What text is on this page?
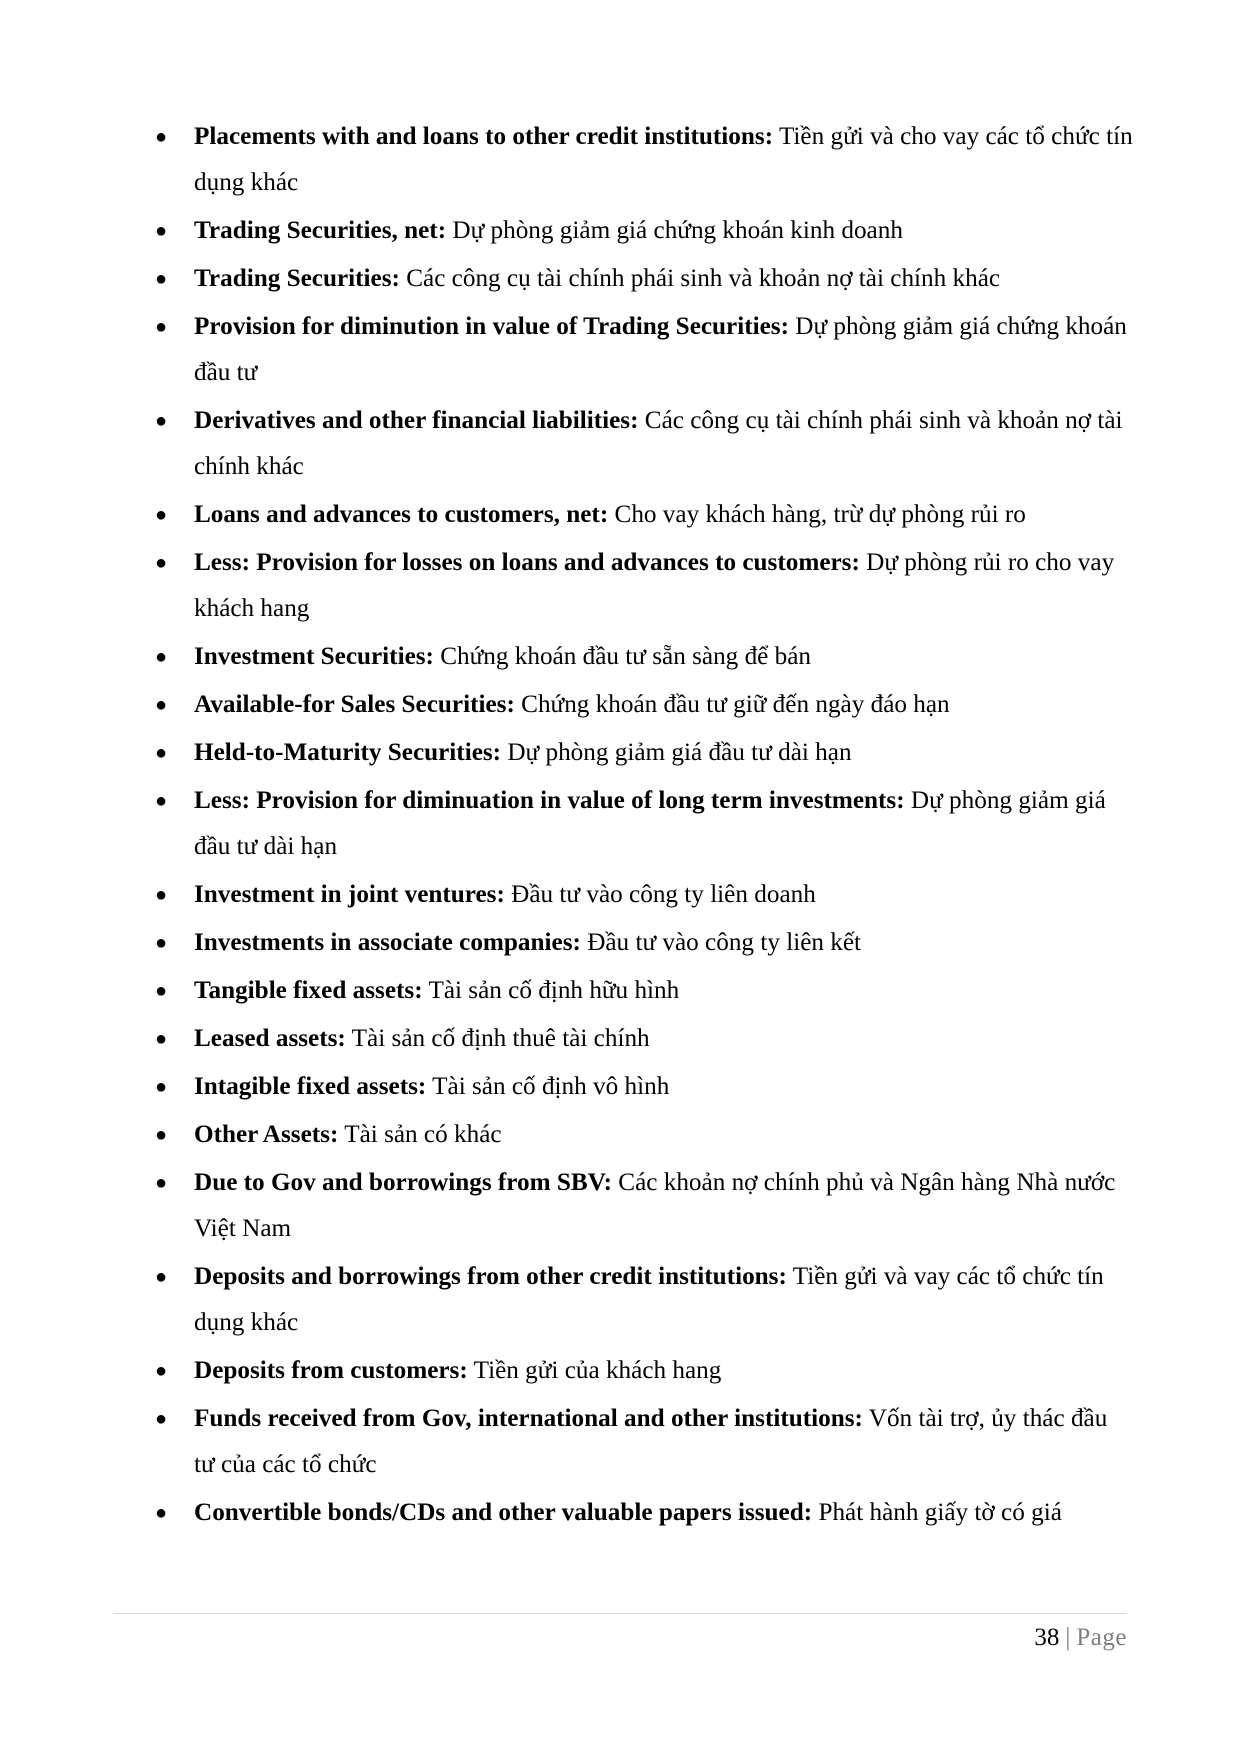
● Placements with and loans to other credit institutions: Tiền gửi và cho vay các tổ chức tín dụng khác
● Trading Securities, net: Dự phòng giảm giá chứng khoán kinh doanh
● Trading Securities: Các công cụ tài chính phái sinh và khoản nợ tài chính khác
● Provision for diminution in value of Trading Securities: Dự phòng giảm giá chứng khoán đầu tư
● Derivatives and other financial liabilities: Các công cụ tài chính phái sinh và khoản nợ tài chính khác
● Loans and advances to customers, net: Cho vay khách hàng, trừ dự phòng rủi ro
● Less: Provision for losses on loans and advances to customers: Dự phòng rủi ro cho vay khách hang
● Investment Securities: Chứng khoán đầu tư sẵn sàng để bán
● Available-for Sales Securities: Chứng khoán đầu tư giữ đến ngày đáo hạn
● Held-to-Maturity Securities: Dự phòng giảm giá đầu tư dài hạn
● Less: Provision for diminuation in value of long term investments: Dự phòng giảm giá đầu tư dài hạn
● Investment in joint ventures: Đầu tư vào công ty liên doanh
● Investments in associate companies: Đầu tư vào công ty liên kết
● Tangible fixed assets: Tài sản cố định hữu hình
● Leased assets: Tài sản cố định thuê tài chính
● Intagible fixed assets: Tài sản cố định vô hình
● Other Assets: Tài sản có khác
● Due to Gov and borrowings from SBV: Các khoản nợ chính phủ và Ngân hàng Nhà nước Việt Nam
● Deposits and borrowings from other credit institutions: Tiền gửi và vay các tổ chức tín dụng khác
● Deposits from customers: Tiền gửi của khách hang
● Funds received from Gov, international and other institutions: Vốn tài trợ, ủy thác đầu tư của các tổ chức
● Convertible bonds/CDs and other valuable papers issued: Phát hành giấy tờ có giá
38 | Page
